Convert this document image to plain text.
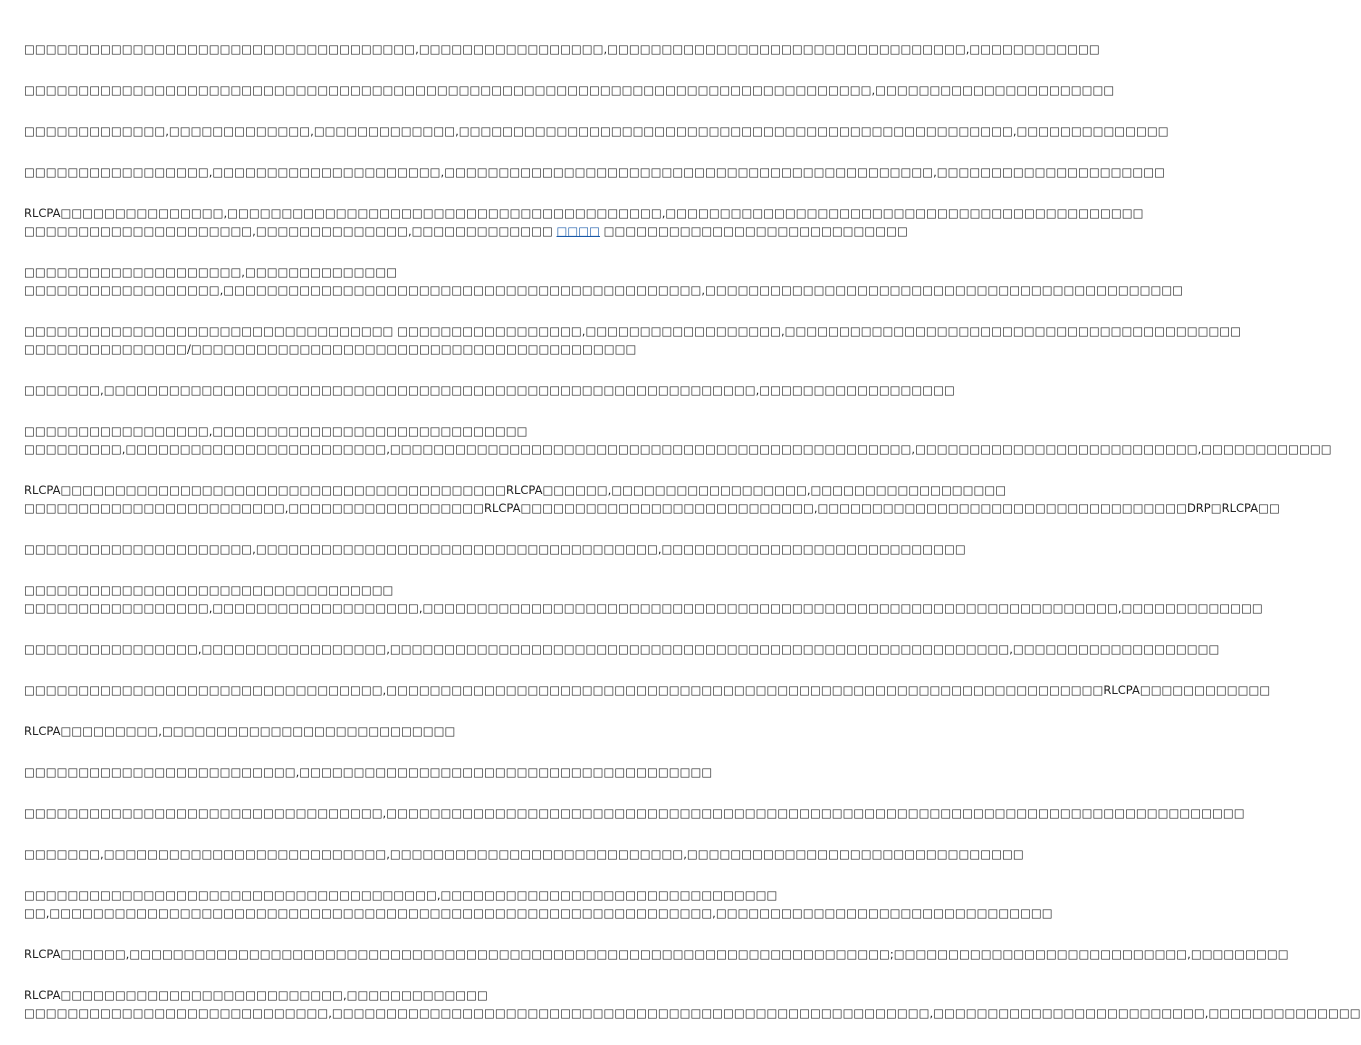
□□□□□□□□□□□□□□□□□□□□□□□□□□□□□□□□□□□□,□□□□□□□□□□□□□□□□□,□□□□□□□□□□□□□□□□□□□□□□□□□□□□□□□□□,□□□□□□□□□□□□

□□□□□□□□□□□□□□□□□□□□□□□□□□□□□□□□□□□□□□□□□□□□□□□□□□□□□□□□□□□□□□□□□□□□□□□□□□□□□□,□□□□□□□□□□□□□□□□□□□□□□

□□□□□□□□□□□□□,□□□□□□□□□□□□□,□□□□□□□□□□□□□,□□□□□□□□□□□□□□□□□□□□□□□□□□□□□□□□□□□□□□□□□□□□□□□□□□□,□□□□□□□□□□□□□□

□□□□□□□□□□□□□□□□□,□□□□□□□□□□□□□□□□□□□□□,□□□□□□□□□□□□□□□□□□□□□□□□□□□□□□□□□□□□□□□□□□□□□,□□□□□□□□□□□□□□□□□□□□□

RLCPA□□□□□□□□□□□□□□□,□□□□□□□□□□□□□□□□□□□□□□□□□□□□□□□□□□□□□□□□,□□□□□□□□□□□□□□□□□□□□□□□□□□□□□□□□□□□□□□□□□□□□
□□□□□□□□□□□□□□□□□□□□□,□□□□□□□□□□□□□□,□□□□□□□□□□□□□ □□□□ □□□□□□□□□□□□□□□□□□□□□□□□□□□□

□□□□□□□□□□□□□□□□□□□□,□□□□□□□□□□□□□□
□□□□□□□□□□□□□□□□□□,□□□□□□□□□□□□□□□□□□□□□□□□□□□□□□□□□□□□□□□□□□□□,□□□□□□□□□□□□□□□□□□□□□□□□□□□□□□□□□□□□□□□□□□□□

□□□□□□□□□□□□□□□□□□□□□□□□□□□□□□□□□□ □□□□□□□□□□□□□□□□□,□□□□□□□□□□□□□□□□□□,□□□□□□□□□□□□□□□□□□□□□□□□□□□□□□□□□□□□□□□□□□
□□□□□□□□□□□□□□□/□□□□□□□□□□□□□□□□□□□□□□□□□□□□□□□□□□□□□□□□□

□□□□□□□,□□□□□□□□□□□□□□□□□□□□□□□□□□□□□□□□□□□□□□□□□□□□□□□□□□□□□□□□□□□□,□□□□□□□□□□□□□□□□□□

□□□□□□□□□□□□□□□□□,□□□□□□□□□□□□□□□□□□□□□□□□□□□□□
□□□□□□□□□,□□□□□□□□□□□□□□□□□□□□□□□□,□□□□□□□□□□□□□□□□□□□□□□□□□□□□□□□□□□□□□□□□□□□□□□□□,□□□□□□□□□□□□□□□□□□□□□□□□□□,□□□□□□□□□□□□

RLCPA□□□□□□□□□□□□□□□□□□□□□□□□□□□□□□□□□□□□□□□□□RLCPA□□□□□□,□□□□□□□□□□□□□□□□□□,□□□□□□□□□□□□□□□□□□
□□□□□□□□□□□□□□□□□□□□□□□□,□□□□□□□□□□□□□□□□□□RLCPA□□□□□□□□□□□□□□□□□□□□□□□□□□□,□□□□□□□□□□□□□□□□□□□□□□□□□□□□□□□□□□DRP□RLCPA□□

□□□□□□□□□□□□□□□□□□□□□,□□□□□□□□□□□□□□□□□□□□□□□□□□□□□□□□□□□□□,□□□□□□□□□□□□□□□□□□□□□□□□□□□□

□□□□□□□□□□□□□□□□□□□□□□□□□□□□□□□□□□
□□□□□□□□□□□□□□□□□,□□□□□□□□□□□□□□□□□□□,□□□□□□□□□□□□□□□□□□□□□□□□□□□□□□□□□□□□□□□□□□□□□□□□□□□□□□□□□□□□□□□□,□□□□□□□□□□□□□

□□□□□□□□□□□□□□□□,□□□□□□□□□□□□□□□□□,□□□□□□□□□□□□□□□□□□□□□□□□□□□□□□□□□□□□□□□□□□□□□□□□□□□□□□□□□,□□□□□□□□□□□□□□□□□□□

□□□□□□□□□□□□□□□□□□□□□□□□□□□□□□□□□,□□□□□□□□□□□□□□□□□□□□□□□□□□□□□□□□□□□□□□□□□□□□□□□□□□□□□□□□□□□□□□□□□□RLCPA□□□□□□□□□□□□

RLCPA□□□□□□□□□,□□□□□□□□□□□□□□□□□□□□□□□□□□□

□□□□□□□□□□□□□□□□□□□□□□□□□,□□□□□□□□□□□□□□□□□□□□□□□□□□□□□□□□□□□□□□

□□□□□□□□□□□□□□□□□□□□□□□□□□□□□□□□□,□□□□□□□□□□□□□□□□□□□□□□□□□□□□□□□□□□□□□□□□□□□□□□□□□□□□□□□□□□□□□□□□□□□□□□□□□□□□□□□

□□□□□□□,□□□□□□□□□□□□□□□□□□□□□□□□□□,□□□□□□□□□□□□□□□□□□□□□□□□□□□,□□□□□□□□□□□□□□□□□□□□□□□□□□□□□□□

□□□□□□□□□□□□□□□□□□□□□□□□□□□□□□□□□□□□□□,□□□□□□□□□□□□□□□□□□□□□□□□□□□□□□□
□□,□□□□□□□□□□□□□□□□□□□□□□□□□□□□□□□□□□□□□□□□□□□□□□□□□□□□□□□□□□□□□,□□□□□□□□□□□□□□□□□□□□□□□□□□□□□□□

RLCPA□□□□□□,□□□□□□□□□□□□□□□□□□□□□□□□□□□□□□□□□□□□□□□□□□□□□□□□□□□□□□□□□□□□□□□□□□□□□□;□□□□□□□□□□□□□□□□□□□□□□□□□□□,□□□□□□□□□

RLCPA□□□□□□□□□□□□□□□□□□□□□□□□□□,□□□□□□□□□□□□□
□□□□□□□□□□□□□□□□□□□□□□□□□□□□,□□□□□□□□□□□□□□□□□□□□□□□□□□□□□□□□□□□□□□□□□□□□□□□□□□□□□□□,□□□□□□□□□□□□□□□□□□□□□□□□□,□□□□□□□□□□□□□□
